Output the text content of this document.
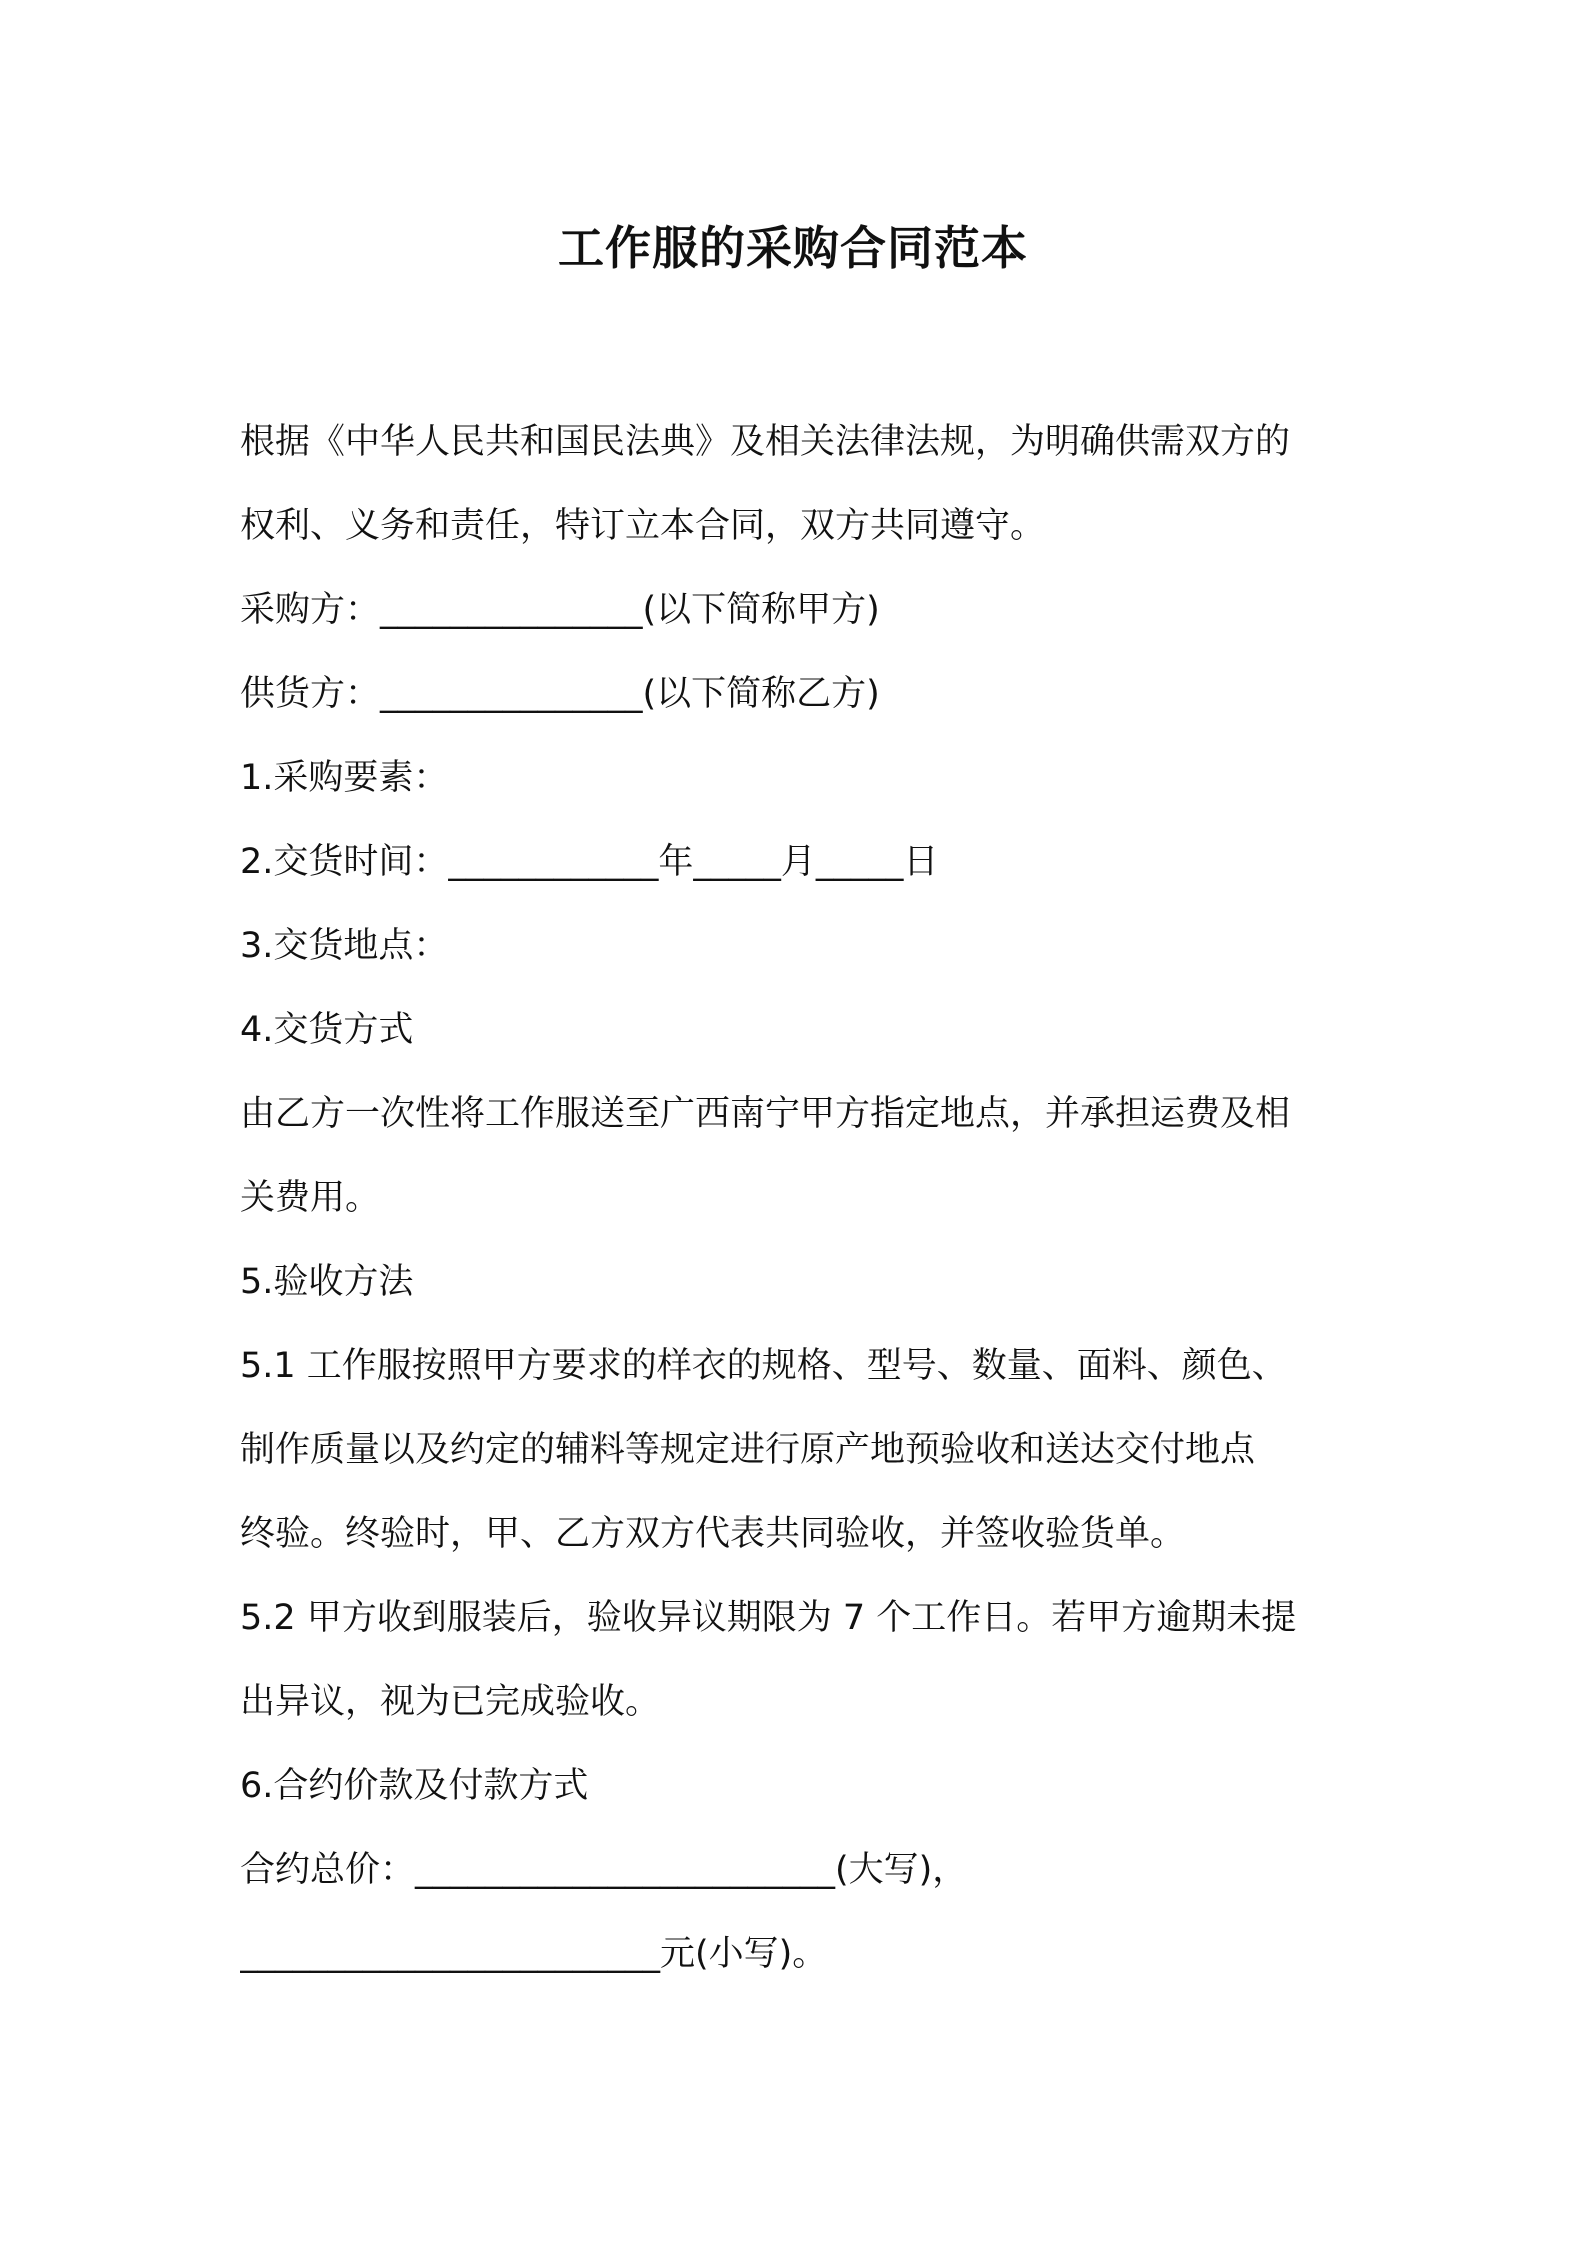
工作服的采购合同范本
根据《中华人民共和国民法典》及相关法律法规，为明确供需双方的
权利、义务和责任，特订立本合同，双方共同遵守。
采购方：_______________(以下简称甲方)
供货方：_______________(以下简称乙方)
1.采购要素：
2.交货时间：____________年_____月_____日
3.交货地点：
4.交货方式
由乙方一次性将工作服送至广西南宁甲方指定地点，并承担运费及相
关费用。
5.验收方法
5.1 工作服按照甲方要求的样衣的规格、型号、数量、面料、颜色、
制作质量以及约定的辅料等规定进行原产地预验收和送达交付地点
终验。终验时，甲、乙方双方代表共同验收，并签收验货单。
5.2 甲方收到服装后，验收异议期限为 7 个工作日。若甲方逾期未提
出异议，视为已完成验收。
6.合约价款及付款方式
合约总价：________________________(大写)，
________________________元(小写)。
